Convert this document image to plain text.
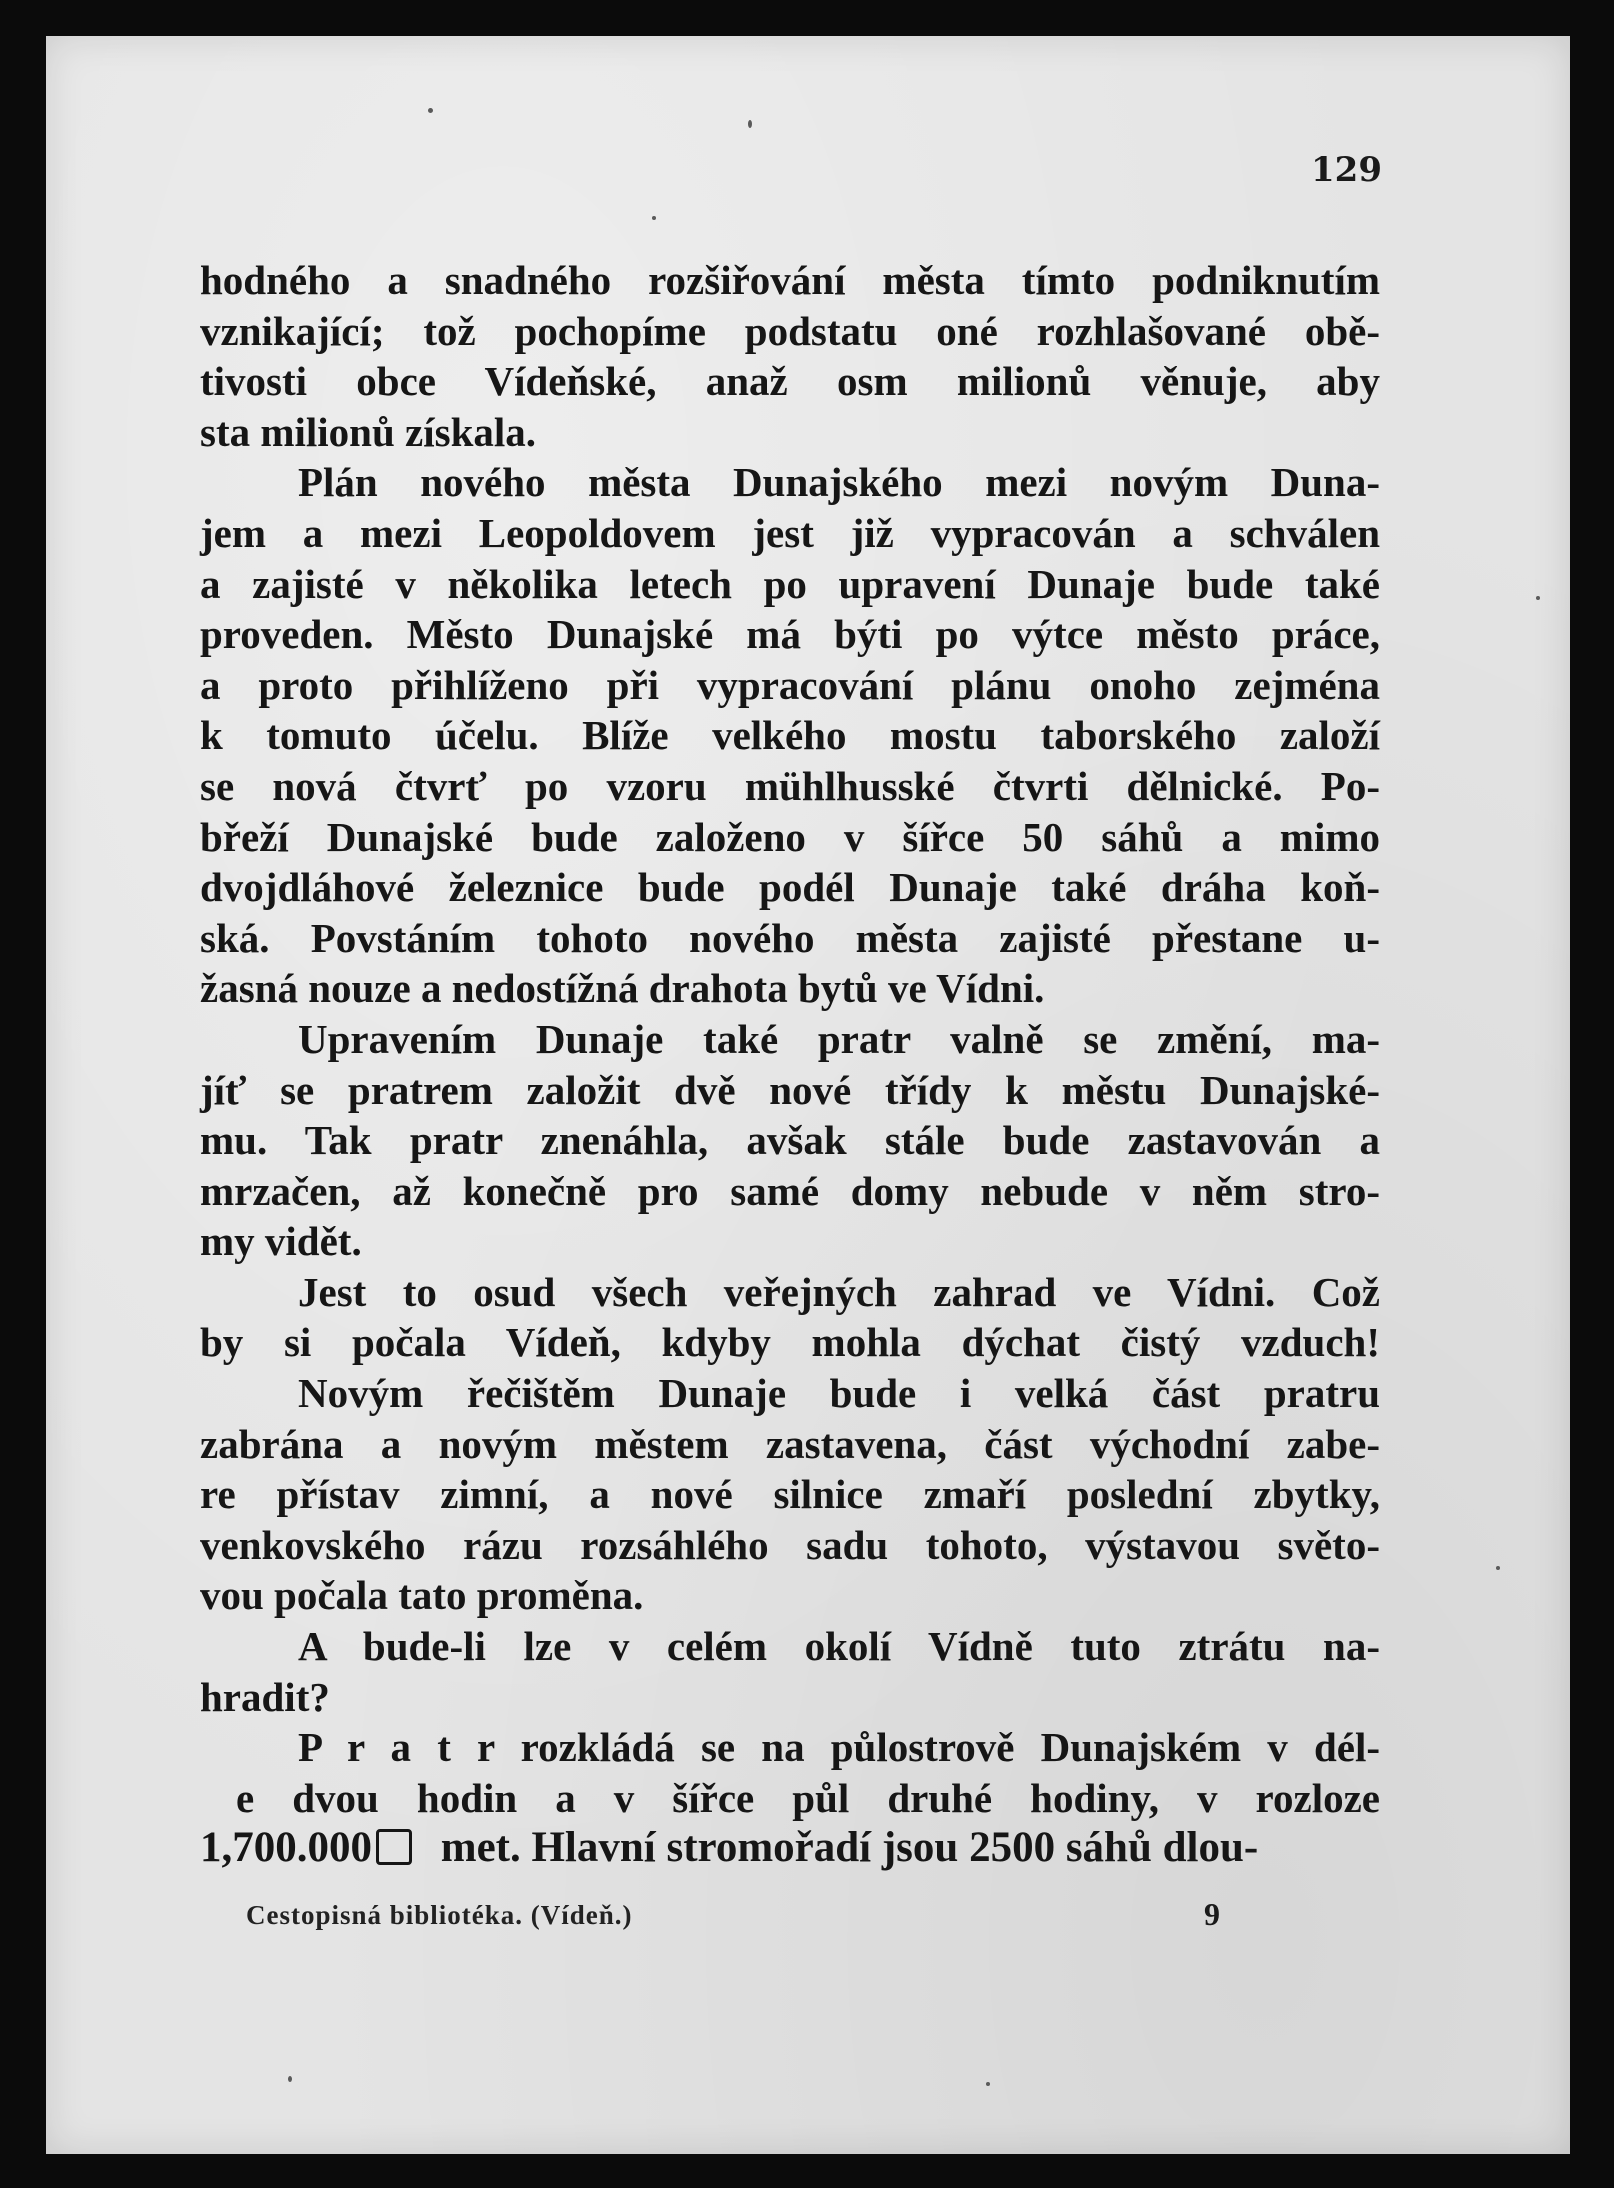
129
hodného a snadného rozšiřování města tímto podniknutím
vznikající; tož pochopíme podstatu oné rozhlašované obě-
tivosti obce Vídeňské, anaž osm milionů věnuje, aby
sta milionů získala.
Plán nového města Dunajského mezi novým Duna-
jem a mezi Leopoldovem jest již vypracován a schválen
a zajisté v několika letech po upravení Dunaje bude také
proveden. Město Dunajské má býti po výtce město práce,
a proto přihlíženo při vypracování plánu onoho zejména
k tomuto účelu. Blíže velkého mostu taborského založí
se nová čtvrť po vzoru mühlhusské čtvrti dělnické. Po-
břeží Dunajské bude založeno v šířce 50 sáhů a mimo
dvojdláhové železnice bude podél Dunaje také dráha koň-
ská. Povstáním tohoto nového města zajisté přestane u-
žasná nouze a nedostížná drahota bytů ve Vídni.
Upravením Dunaje také pratr valně se změní, ma-
jíť se pratrem založit dvě nové třídy k městu Dunajské-
mu. Tak pratr znenáhla, avšak stále bude zastavován a
mrzačen, až konečně pro samé domy nebude v něm stro-
my vidět.
Jest to osud všech veřejných zahrad ve Vídni. Což
by si počala Vídeň, kdyby mohla dýchat čistý vzduch!
Novým řečištěm Dunaje bude i velká část pratru
zabrána a novým městem zastavena, část východní zabe-
re přístav zimní, a nové silnice zmaří poslední zbytky,
venkovského rázu rozsáhlého sadu tohoto, výstavou světo-
vou počala tato proměna.
A bude-li lze v celém okolí Vídně tuto ztrátu na-
hradit?
P r a t r rozkládá se na půlostrově Dunajském v dél-
e dvou hodin a v šířce půl druhé hodiny, v rozloze
1,700.000 met. Hlavní stromořadí jsou 2500 sáhů dlou-
Cestopisná bibliotéka. (Vídeň.)	9
